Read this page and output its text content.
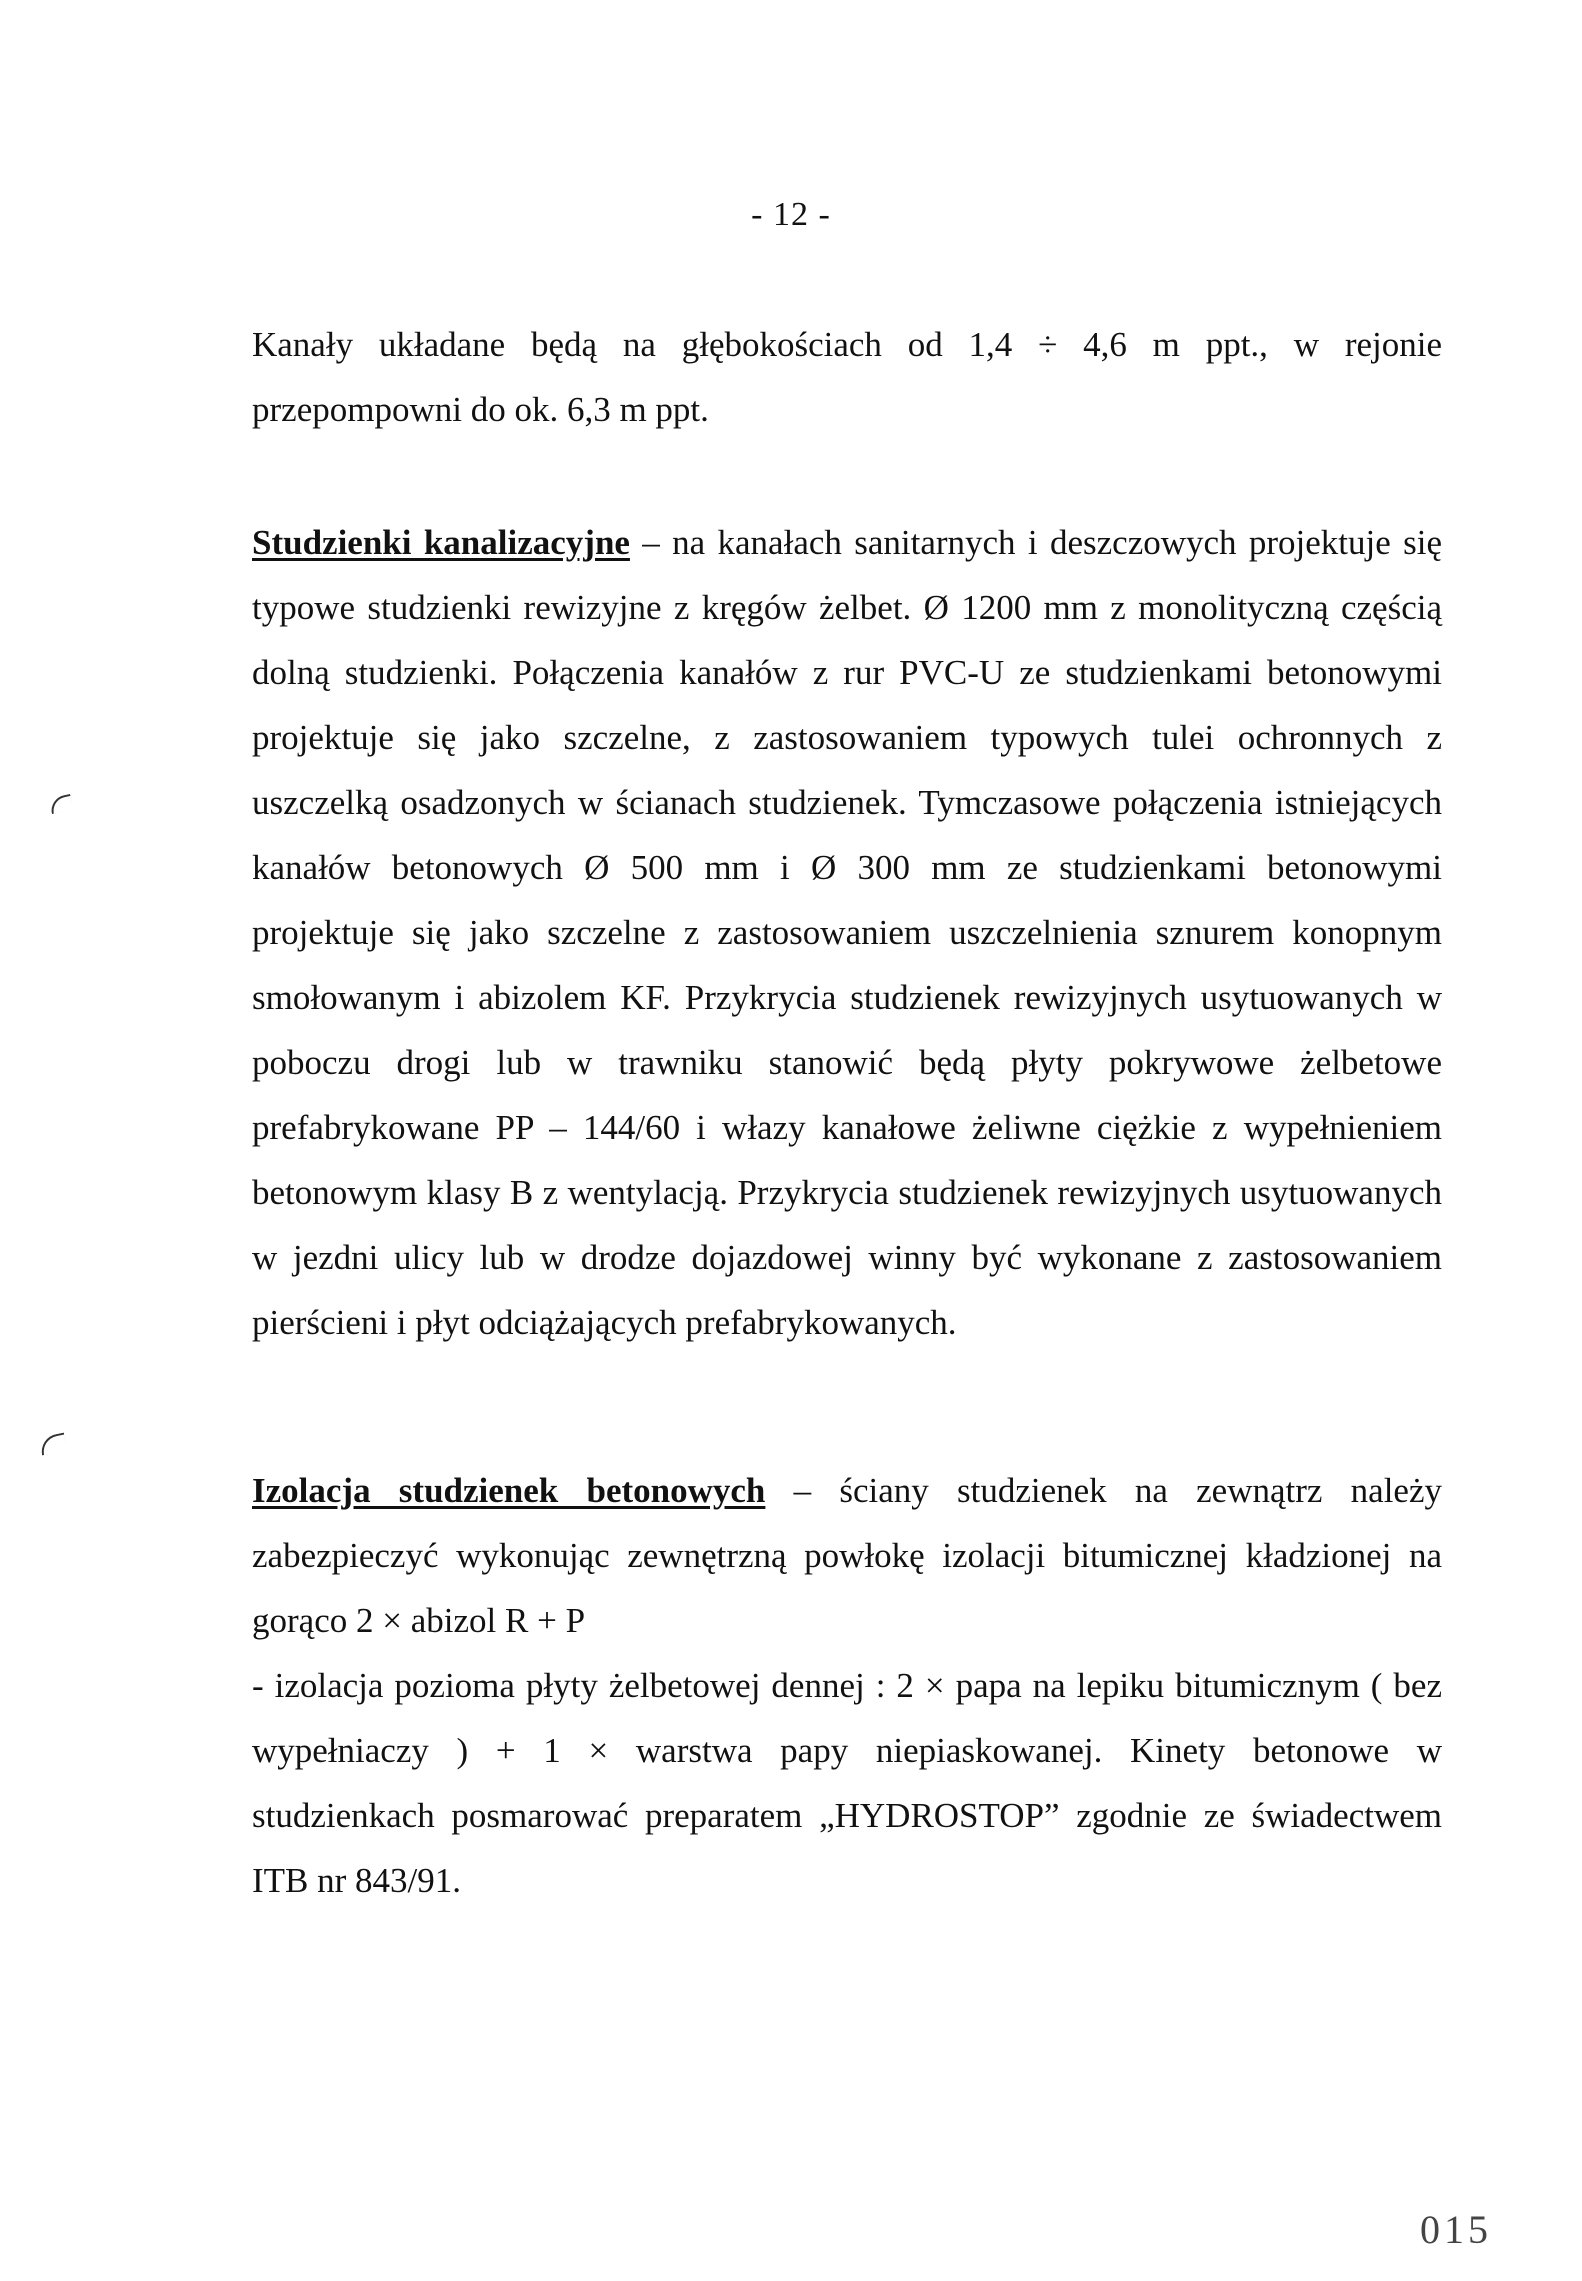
- 12 -

Kanały układane będą na głębokościach od 1,4 ÷ 4,6 m ppt., w rejonie przepompowni do ok. 6,3 m ppt.

Studzienki kanalizacyjne – na kanałach sanitarnych i deszczowych projektuje się typowe studzienki rewizyjne z kręgów żelbet. Ø 1200 mm z monolityczną częścią dolną studzienki. Połączenia kanałów z rur PVC-U ze studzienkami betonowymi projektuje się jako szczelne, z zastosowaniem typowych tulei ochronnych z uszczelką osadzonych w ścianach studzienek. Tymczasowe połączenia istniejących kanałów betonowych Ø 500 mm i Ø 300 mm ze studzienkami betonowymi projektuje się jako szczelne z zastosowaniem uszczelnienia sznurem konopnym smołowanym i abizolem KF. Przykrycia studzienek rewizyjnych usytuowanych w poboczu drogi lub w trawniku stanowić będą płyty pokrywowe żelbetowe prefabrykowane PP – 144/60 i włazy kanałowe żeliwne ciężkie z wypełnieniem betonowym klasy B z wentylacją. Przykrycia studzienek rewizyjnych usytuowanych w jezdni ulicy lub w drodze dojazdowej winny być wykonane z zastosowaniem pierścieni i płyt odciążających prefabrykowanych.

Izolacja studzienek betonowych – ściany studzienek na zewnątrz należy zabezpieczyć wykonując zewnętrzną powłokę izolacji bitumicznej kładzionej na gorąco 2 × abizol R + P

- izolacja pozioma płyty żelbetowej dennej : 2 × papa na lepiku bitumicznym ( bez wypełniaczy ) + 1 × warstwa papy niepiaskowanej. Kinety betonowe w studzienkach posmarować preparatem „HYDROSTOP” zgodnie ze świadectwem ITB nr 843/91.

015
